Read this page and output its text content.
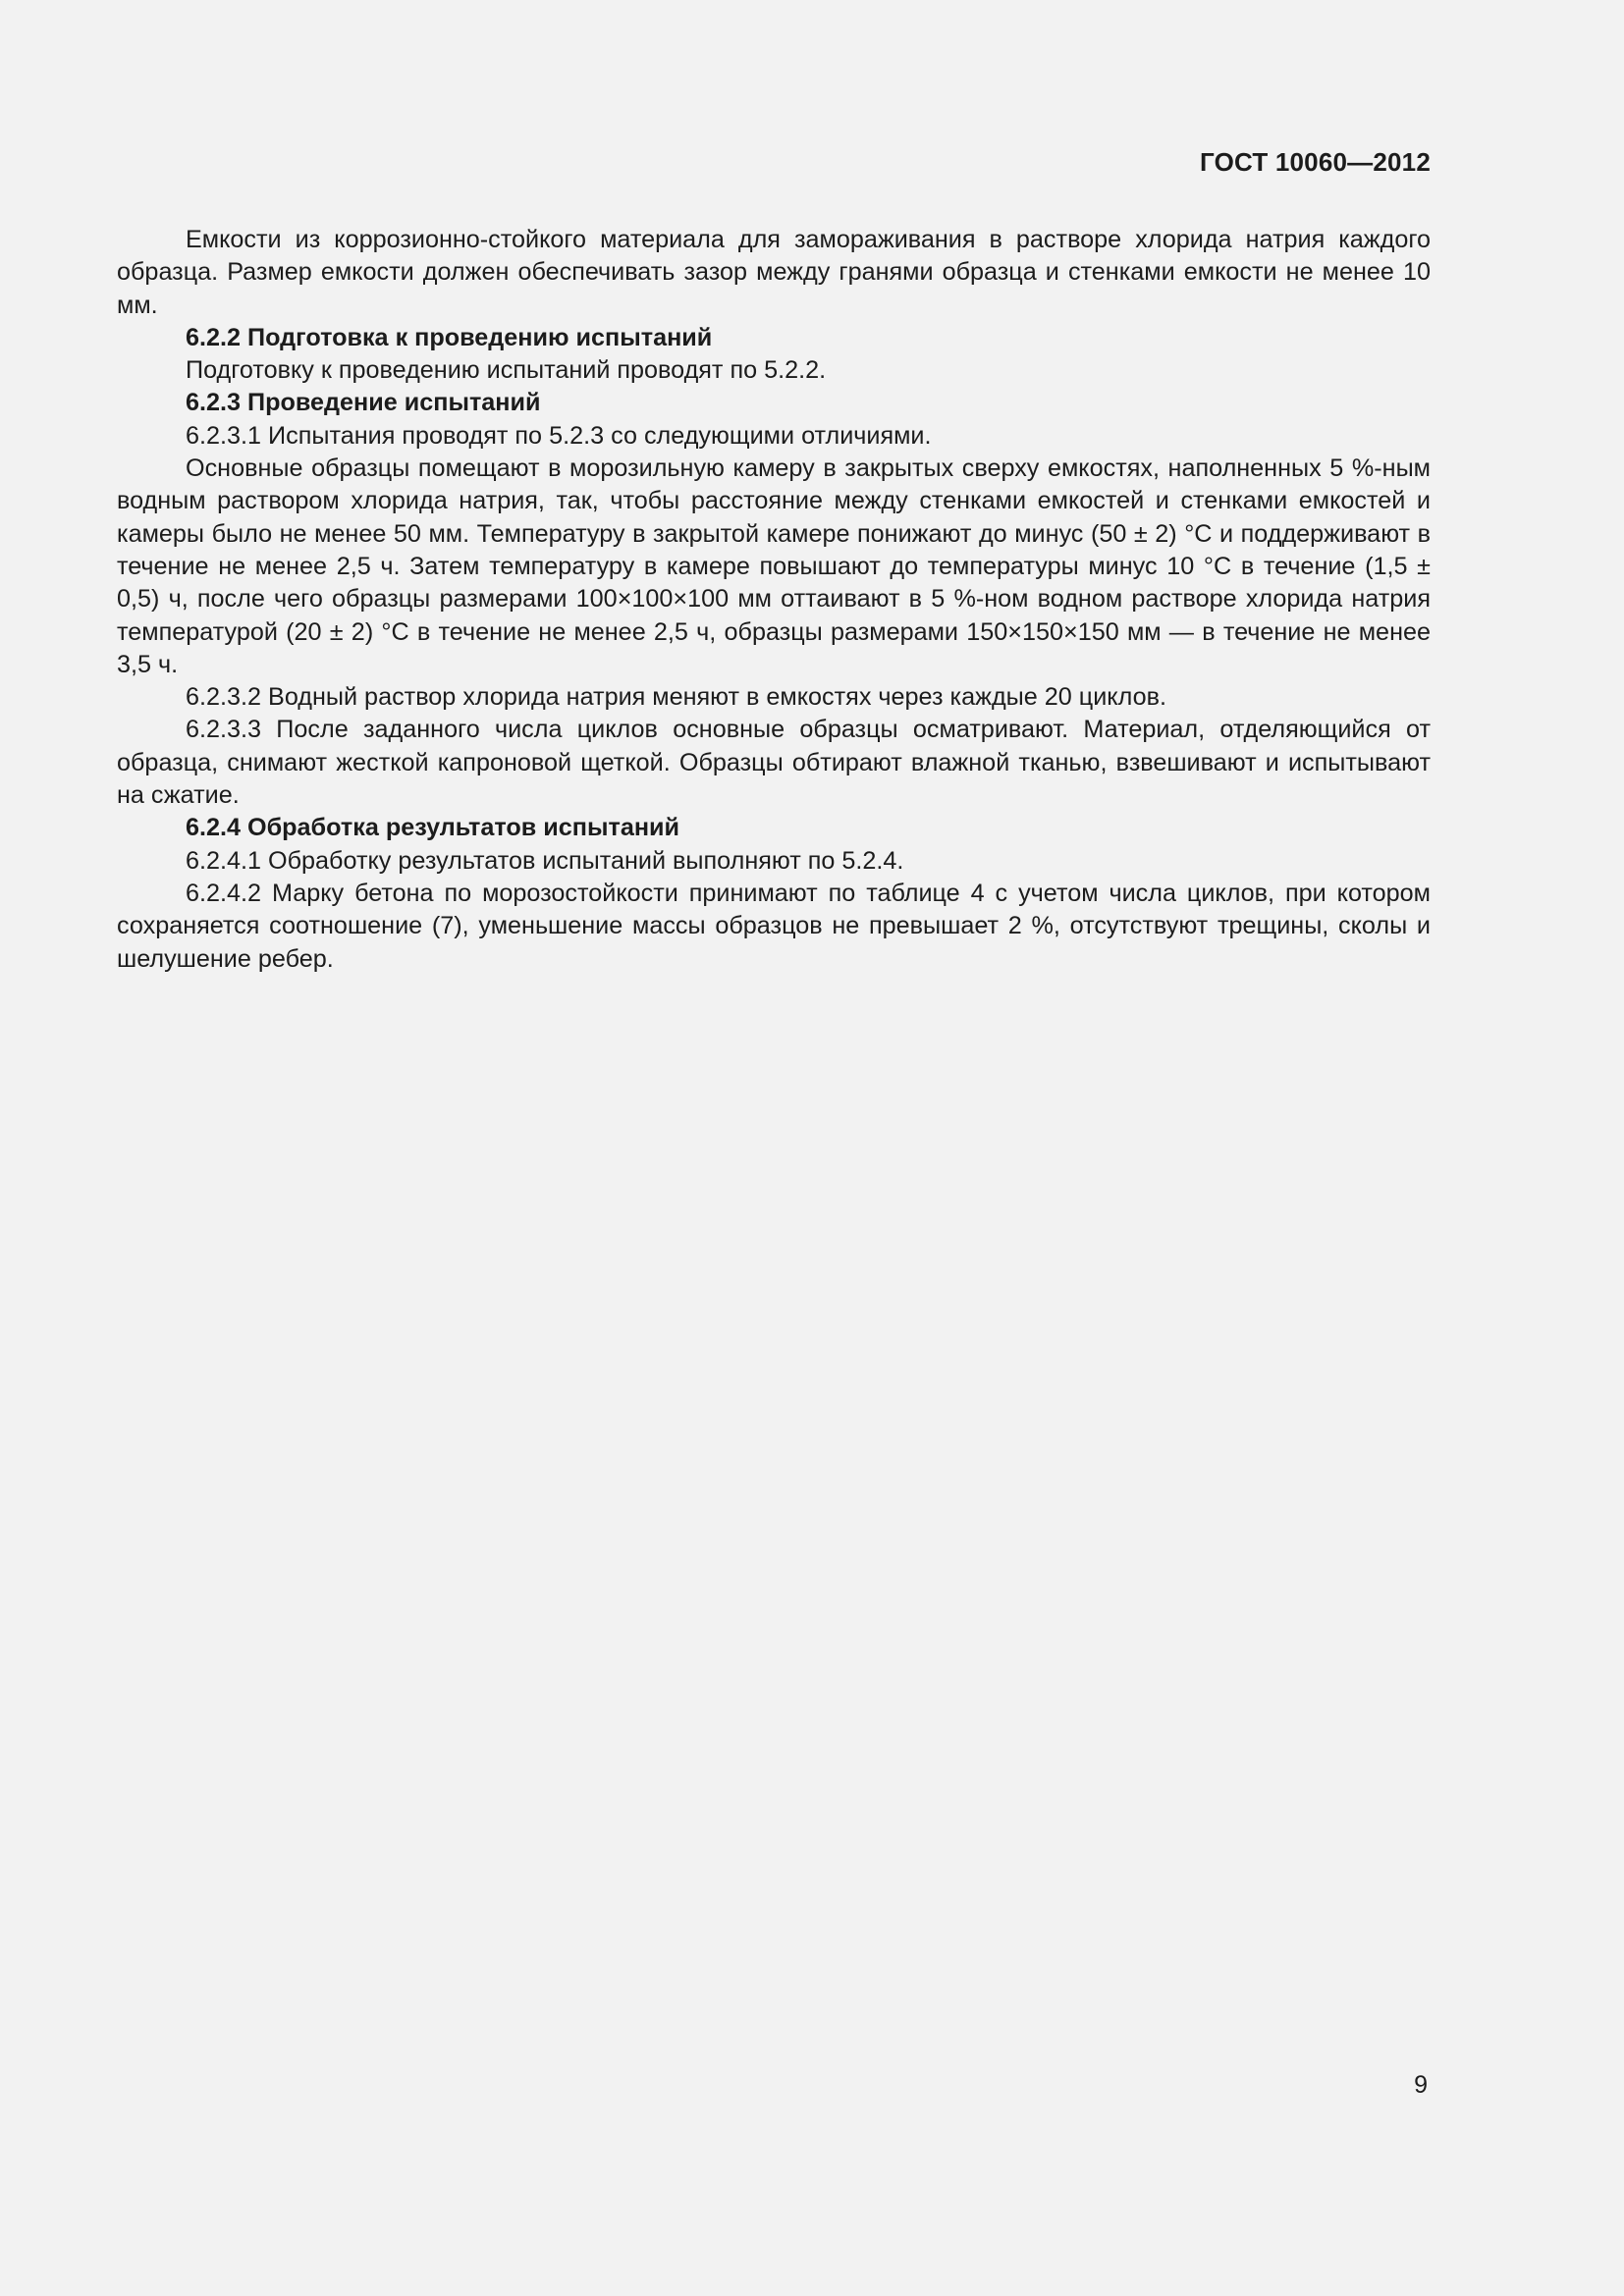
ГОСТ 10060—2012

Емкости из коррозионно-стойкого материала для замораживания в растворе хлорида натрия каждого образца. Размер емкости должен обеспечивать зазор между гранями образца и стенками емкости не менее 10 мм.

6.2.2 Подготовка к проведению испытаний

Подготовку к проведению испытаний проводят по 5.2.2.

6.2.3 Проведение испытаний

6.2.3.1 Испытания проводят по 5.2.3 со следующими отличиями.

Основные образцы помещают в морозильную камеру в закрытых сверху емкостях, наполненных 5 %-ным водным раствором хлорида натрия, так, чтобы расстояние между стенками емкостей и стенками емкостей и камеры было не менее 50 мм. Температуру в закрытой камере понижают до минус (50 ± 2) °С и поддерживают в течение не менее 2,5 ч. Затем температуру в камере повышают до температуры минус 10 °С в течение (1,5 ± 0,5) ч, после чего образцы размерами 100×100×100 мм оттаивают в 5 %-ном водном растворе хлорида натрия температурой (20 ± 2) °С в течение не менее 2,5 ч, образцы размерами 150×150×150 мм — в течение не менее 3,5 ч.

6.2.3.2 Водный раствор хлорида натрия меняют в емкостях через каждые 20 циклов.

6.2.3.3 После заданного числа циклов основные образцы осматривают. Материал, отделяющийся от образца, снимают жесткой капроновой щеткой. Образцы обтирают влажной тканью, взвешивают и испытывают на сжатие.

6.2.4 Обработка результатов испытаний

6.2.4.1 Обработку результатов испытаний выполняют по 5.2.4.

6.2.4.2 Марку бетона по морозостойкости принимают по таблице 4 с учетом числа циклов, при котором сохраняется соотношение (7), уменьшение массы образцов не превышает 2 %, отсутствуют трещины, сколы и шелушение ребер.

9
